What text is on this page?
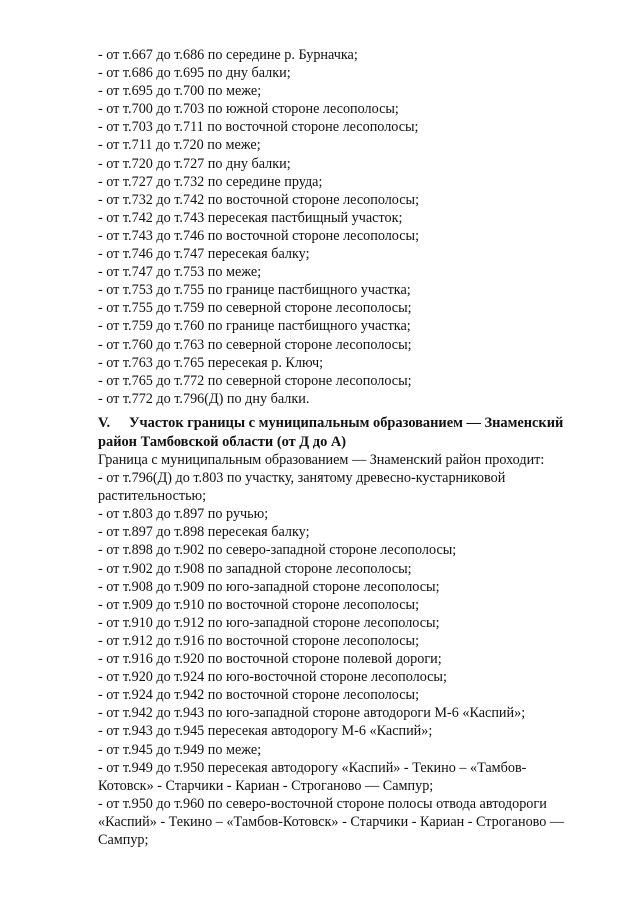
- от т.667 до т.686 по середине р. Бурначка;

- от т.686 до т.695 по дну балки;

- от т.695 до т.700 по меже;

- от т.700 до т.703 по южной стороне лесополосы;

- от т.703 до т.711 по восточной стороне лесополосы;

- от т.711 до т.720 по меже;

- от т.720 до т.727 по дну балки;

- от т.727 до т.732 по середине пруда;

- от т.732 до т.742 по восточной стороне лесополосы;

- от т.742 до т.743 пересекая пастбищный участок;

- от т.743 до т.746 по восточной стороне лесополосы;

- от т.746 до т.747 пересекая балку;

- от т.747 до т.753 по меже;

- от т.753 до т.755 по границе пастбищного участка;

- от т.755 до т.759 по северной стороне лесополосы;

- от т.759 до т.760 по границе пастбищного участка;

- от т.760 до т.763 по северной стороне лесополосы;

- от т.763 до т.765 пересекая р. Ключ;

- от т.765 до т.772 по северной стороне лесополосы;

- от т.772 до т.796(Д) по дну балки.

V. Участок границы с муниципальным образованием — Знаменский
район Тамбовской области (от Д до А)

Граница с муниципальным образованием — Знаменский район проходит:

- от т.796(Д) до т.803 по участку, занятому древесно-кустарниковой

растительностью;

- от т.803 до т.897 по ручью;

- от т.897 до т.898 пересекая балку;

- от т.898 до т.902 по северо-западной стороне лесополосы;

- от т.902 до т.908 по западной стороне лесополосы;

- от т.908 до т.909 по юго-западной стороне лесополосы;

- от т.909 до т.910 по восточной стороне лесополосы;

- от т.910 до т.912 по юго-западной стороне лесополосы;

- от т.912 до т.916 по восточной стороне лесополосы;

- от т.916 до т.920 по восточной стороне полевой дороги;

- от т.920 до т.924 по юго-восточной стороне лесополосы;

- от т.924 до т.942 по восточной стороне лесополосы;

- от т.942 до т.943 по юго-западной стороне автодороги М-6 «Каспий»;

- от т.943 до т.945 пересекая автодорогу М-6 «Каспий»;

- от т.945 до т.949 по меже;

- от т.949 до т.950 пересекая автодорогу «Каспий» - Текино – «Тамбов-

Котовск» - Старчики - Кариан - Строганово — Сампур;

- от т.950 до т.960 по северо-восточной стороне полосы отвода автодороги

«Каспий» - Текино – «Тамбов-Котовск» - Старчики - Кариан - Строганово —

Сампур;
